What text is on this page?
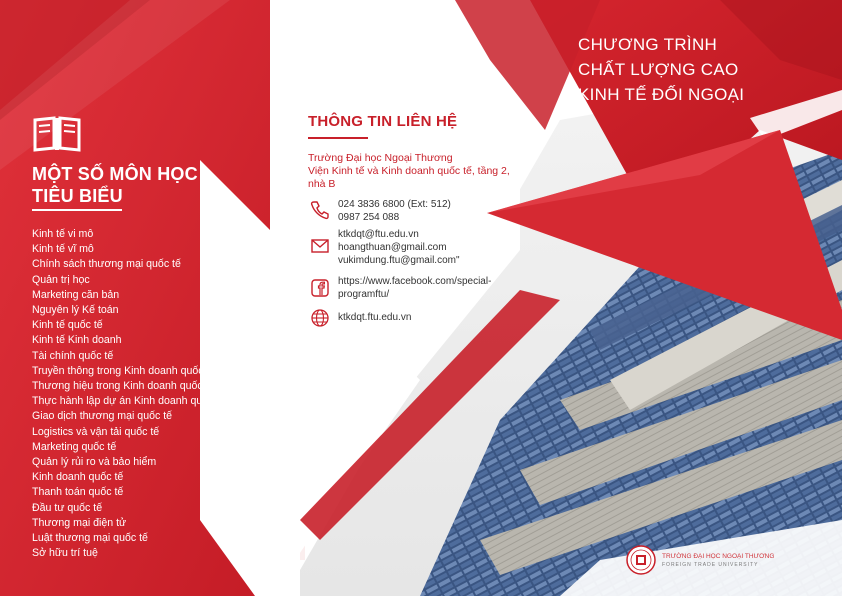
MỘT SỐ MÔN HỌC
TIÊU BIỂU
Kinh tế vi mô
Kinh tế vĩ mô
Chính sách thương mại quốc tế
Quản trị học
Marketing căn bản
Nguyên lý Kế toán
Kinh tế quốc tế
Kinh tế Kinh doanh
Tài chính quốc tế
Truyền thông trong Kinh doanh quốc tế
Thương hiệu trong Kinh doanh quốc tế
Thực hành lập dự án Kinh doanh quốc tế
Giao dịch thương mại quốc tế
Logistics và vận tải quốc tế
Marketing quốc tế
Quản lý rủi ro và bảo hiểm
Kinh doanh quốc tế
Thanh toán quốc tế
Đầu tư quốc tế
Thương mại điện tử
Luật thương mại quốc tế
Sở hữu trí tuệ
THÔNG TIN LIÊN HỆ
Trường Đại học Ngoại Thương
Viện Kinh tế và Kinh doanh quốc tế, tầng 2,
nhà B
024 3836 6800 (Ext: 512)
0987 254 088
ktkdqt@ftu.edu.vn
hoangthuan@gmail.com
vukimdung.ftu@gmail.com"
https://www.facebook.com/special-
programftu/
ktkdqt.ftu.edu.vn
CHƯƠNG TRÌNH
CHẤT LƯỢNG CAO
KINH TẾ ĐỐI NGOẠI
TRƯỜNG ĐẠI HỌC NGOẠI THƯƠNG
FOREIGN TRADE UNIVERSITY
